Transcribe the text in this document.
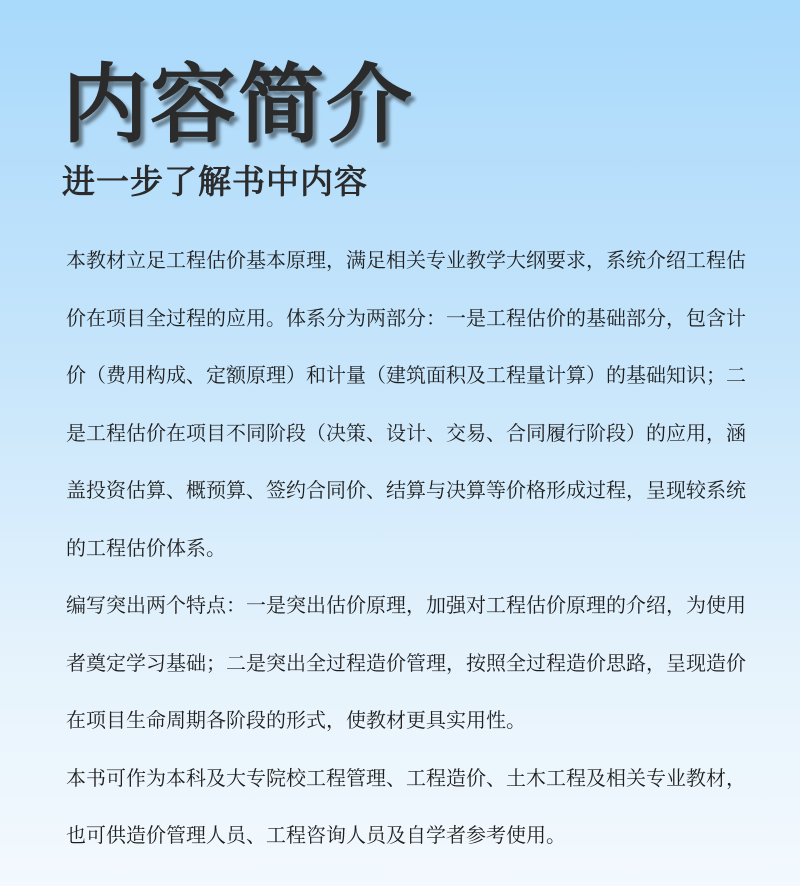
内容简介
进一步了解书中内容

本教材立足工程估价基本原理，满足相关专业教学大纲要求，系统介绍工程估价在项目全过程的应用。体系分为两部分：一是工程估价的基础部分，包含计价（费用构成、定额原理）和计量（建筑面积及工程量计算）的基础知识；二是工程估价在项目不同阶段（决策、设计、交易、合同履行阶段）的应用，涵盖投资估算、概预算、签约合同价、结算与决算等价格形成过程，呈现较系统的工程估价体系。

编写突出两个特点：一是突出估价原理，加强对工程估价原理的介绍，为使用者奠定学习基础；二是突出全过程造价管理，按照全过程造价思路，呈现造价在项目生命周期各阶段的形式，使教材更具实用性。

本书可作为本科及大专院校工程管理、工程造价、土木工程及相关专业教材，也可供造价管理人员、工程咨询人员及自学者参考使用。
